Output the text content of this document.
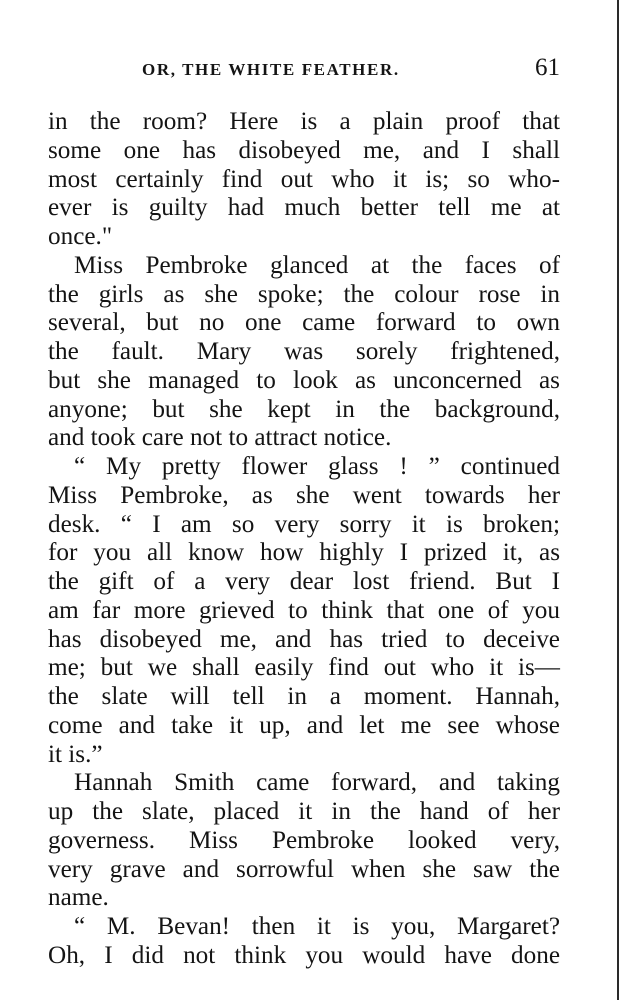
OR, THE WHITE FEATHER.	61
in the room? Here is a plain proof that
some one has disobeyed me, and I shall
most certainly find out who it is; so who-
ever is guilty had much better tell me at
once."
Miss Pembroke glanced at the faces of
the girls as she spoke; the colour rose in
several, but no one came forward to own
the fault. Mary was sorely frightened,
but she managed to look as unconcerned as
anyone; but she kept in the background,
and took care not to attract notice.
“ My pretty flower glass ! ” continued
Miss Pembroke, as she went towards her
desk. “ I am so very sorry it is broken;
for you all know how highly I prized it, as
the gift of a very dear lost friend. But I
am far more grieved to think that one of you
has disobeyed me, and has tried to deceive
me; but we shall easily find out who it is—
the slate will tell in a moment. Hannah,
come and take it up, and let me see whose
it is.”
Hannah Smith came forward, and taking
up the slate, placed it in the hand of her
governess. Miss Pembroke looked very,
very grave and sorrowful when she saw the
name.
“ M. Bevan! then it is you, Margaret?
Oh, I did not think you would have done
